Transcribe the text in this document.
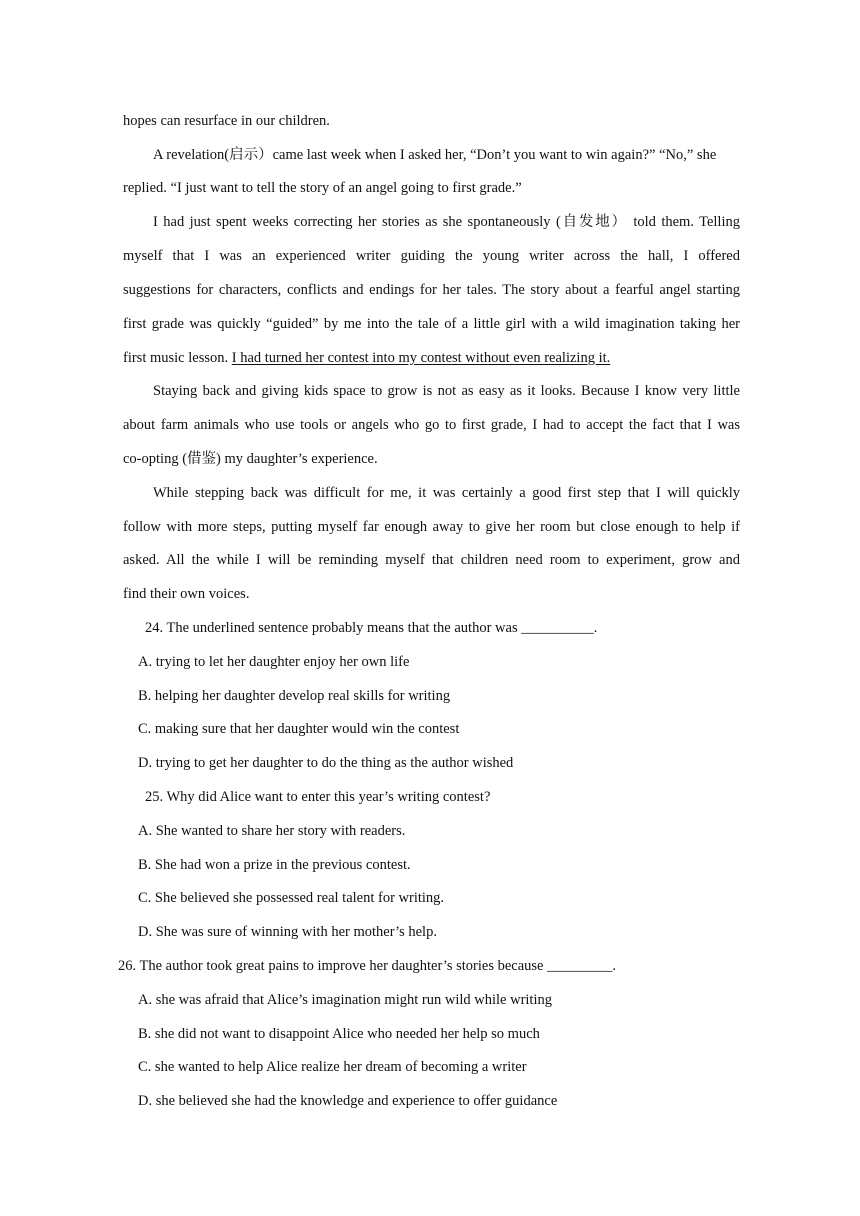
hopes can resurface in our children.
A revelation(启示）came last week when I asked her, “Don’t you want to win again?” “No,” she
replied. “I just want to tell the story of an angel going to first grade.”
I had just spent weeks correcting her stories as she spontaneously (自发地） told them. Telling
myself that I was an experienced writer guiding the young writer across the hall, I offered
suggestions for characters, conflicts and endings for her tales. The story about a fearful angel starting
first grade was quickly “guided” by me into the tale of a little girl with a wild imagination taking her
first music lesson. I had turned her contest into my contest without even realizing it.
Staying back and giving kids space to grow is not as easy as it looks. Because I know very little
about farm animals who use tools or angels who go to first grade, I had to accept the fact that I was
co-opting (借鉴) my daughter’s experience.
While stepping back was difficult for me, it was certainly a good first step that I will quickly
follow with more steps, putting myself far enough away to give her room but close enough to help if
asked. All the while I will be reminding myself that children need room to experiment, grow and
find their own voices.
24. The underlined sentence probably means that the author was __________.
A. trying to let her daughter enjoy her own life
B. helping her daughter develop real skills for writing
C. making sure that her daughter would win the contest
D. trying to get her daughter to do the thing as the author wished
25. Why did Alice want to enter this year’s writing contest?
A. She wanted to share her story with readers.
B. She had won a prize in the previous contest.
C. She believed she possessed real talent for writing.
D. She was sure of winning with her mother’s help.
26. The author took great pains to improve her daughter’s stories because _________.
A. she was afraid that Alice’s imagination might run wild while writing
B. she did not want to disappoint Alice who needed her help so much
C. she wanted to help Alice realize her dream of becoming a writer
D. she believed she had the knowledge and experience to offer guidance
